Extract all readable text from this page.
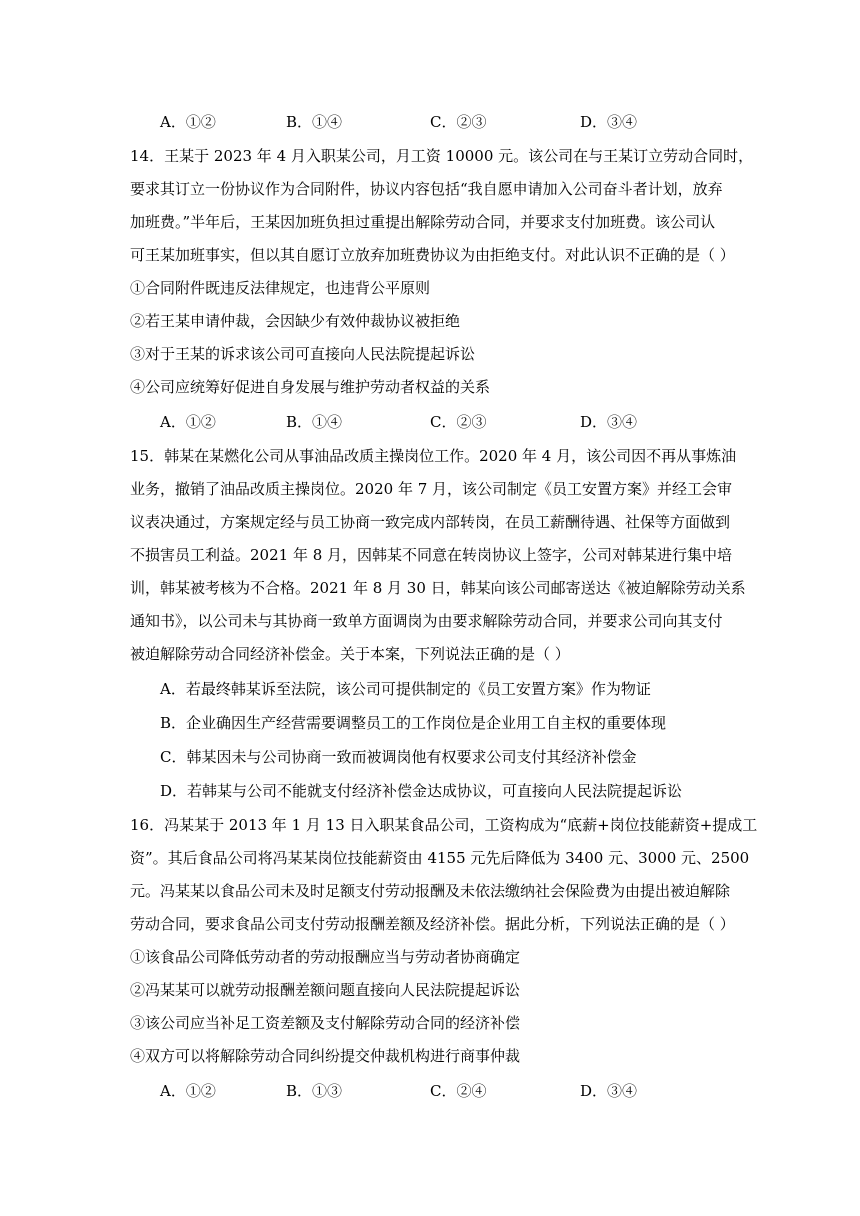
A．①②	B．①④	C．②③	D．③④
14．王某于 2023 年 4 月入职某公司，月工资 10000 元。该公司在与王某订立劳动合同时，
要求其订立一份协议作为合同附件，协议内容包括“我自愿申请加入公司奋斗者计划，放弃
加班费。”半年后，王某因加班负担过重提出解除劳动合同，并要求支付加班费。该公司认
可王某加班事实，但以其自愿订立放弃加班费协议为由拒绝支付。对此认识不正确的是（ ）
①合同附件既违反法律规定，也违背公平原则
②若王某申请仲裁，会因缺少有效仲裁协议被拒绝
③对于王某的诉求该公司可直接向人民法院提起诉讼
④公司应统筹好促进自身发展与维护劳动者权益的关系
A．①②	B．①④	C．②③	D．③④
15．韩某在某燃化公司从事油品改质主操岗位工作。2020 年 4 月，该公司因不再从事炼油
业务，撤销了油品改质主操岗位。2020 年 7 月，该公司制定《员工安置方案》并经工会审
议表决通过，方案规定经与员工协商一致完成内部转岗，在员工薪酬待遇、社保等方面做到
不损害员工利益。2021 年 8 月，因韩某不同意在转岗协议上签字，公司对韩某进行集中培
训，韩某被考核为不合格。2021 年 8 月 30 日，韩某向该公司邮寄送达《被迫解除劳动关系
通知书》，以公司未与其协商一致单方面调岗为由要求解除劳动合同，并要求公司向其支付
被迫解除劳动合同经济补偿金。关于本案，下列说法正确的是（ ）
A．若最终韩某诉至法院，该公司可提供制定的《员工安置方案》作为物证
B．企业确因生产经营需要调整员工的工作岗位是企业用工自主权的重要体现
C．韩某因未与公司协商一致而被调岗他有权要求公司支付其经济补偿金
D．若韩某与公司不能就支付经济补偿金达成协议，可直接向人民法院提起诉讼
16．冯某某于 2013 年 1 月 13 日入职某食品公司，工资构成为“底薪+岗位技能薪资+提成工
资”。其后食品公司将冯某某岗位技能薪资由 4155 元先后降低为 3400 元、3000 元、2500
元。冯某某以食品公司未及时足额支付劳动报酬及未依法缴纳社会保险费为由提出被迫解除
劳动合同，要求食品公司支付劳动报酬差额及经济补偿。据此分析，下列说法正确的是（ ）
①该食品公司降低劳动者的劳动报酬应当与劳动者协商确定
②冯某某可以就劳动报酬差额问题直接向人民法院提起诉讼
③该公司应当补足工资差额及支付解除劳动合同的经济补偿
④双方可以将解除劳动合同纠纷提交仲裁机构进行商事仲裁
A．①②	B．①③	C．②④	D．③④
